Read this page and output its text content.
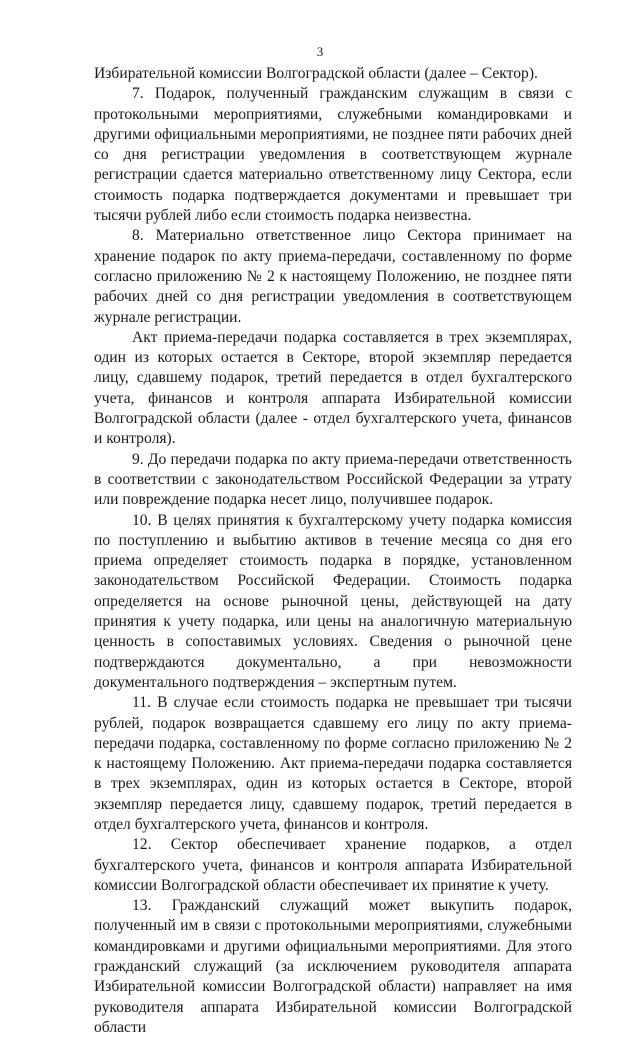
3

Избирательной комиссии Волгоградской области (далее – Сектор).

7. Подарок, полученный гражданским служащим в связи с протокольными мероприятиями, служебными командировками и другими официальными мероприятиями, не позднее пяти рабочих дней со дня регистрации уведомления в соответствующем журнале регистрации сдается материально ответственному лицу Сектора, если стоимость подарка подтверждается документами и превышает три тысячи рублей либо если стоимость подарка неизвестна.

8. Материально ответственное лицо Сектора принимает на хранение подарок по акту приема-передачи, составленному по форме согласно приложению № 2 к настоящему Положению, не позднее пяти рабочих дней со дня регистрации уведомления в соответствующем журнале регистрации.

Акт приема-передачи подарка составляется в трех экземплярах, один из которых остается в Секторе, второй экземпляр передается лицу, сдавшему подарок, третий передается в отдел бухгалтерского учета, финансов и контроля аппарата Избирательной комиссии Волгоградской области (далее - отдел бухгалтерского учета, финансов и контроля).

9. До передачи подарка по акту приема-передачи ответственность в соответствии с законодательством Российской Федерации за утрату или повреждение подарка несет лицо, получившее подарок.

10. В целях принятия к бухгалтерскому учету подарка комиссия по поступлению и выбытию активов в течение месяца со дня его приема определяет стоимость подарка в порядке, установленном законодательством Российской Федерации. Стоимость подарка определяется на основе рыночной цены, действующей на дату принятия к учету подарка, или цены на аналогичную материальную ценность в сопоставимых условиях. Сведения о рыночной цене подтверждаются документально, а при невозможности документального подтверждения – экспертным путем.

11. В случае если стоимость подарка не превышает три тысячи рублей, подарок возвращается сдавшему его лицу по акту приема-передачи подарка, составленному по форме согласно приложению № 2 к настоящему Положению. Акт приема-передачи подарка составляется в трех экземплярах, один из которых остается в Секторе, второй экземпляр передается лицу, сдавшему подарок, третий передается в отдел бухгалтерского учета, финансов и контроля.

12. Сектор обеспечивает хранение подарков, а отдел бухгалтерского учета, финансов и контроля аппарата Избирательной комиссии Волгоградской области обеспечивает их принятие к учету.

13. Гражданский служащий может выкупить подарок, полученный им в связи с протокольными мероприятиями, служебными командировками и другими официальными мероприятиями. Для этого гражданский служащий (за исключением руководителя аппарата Избирательной комиссии Волгоградской области) направляет на имя руководителя аппарата Избирательной комиссии Волгоградской области
